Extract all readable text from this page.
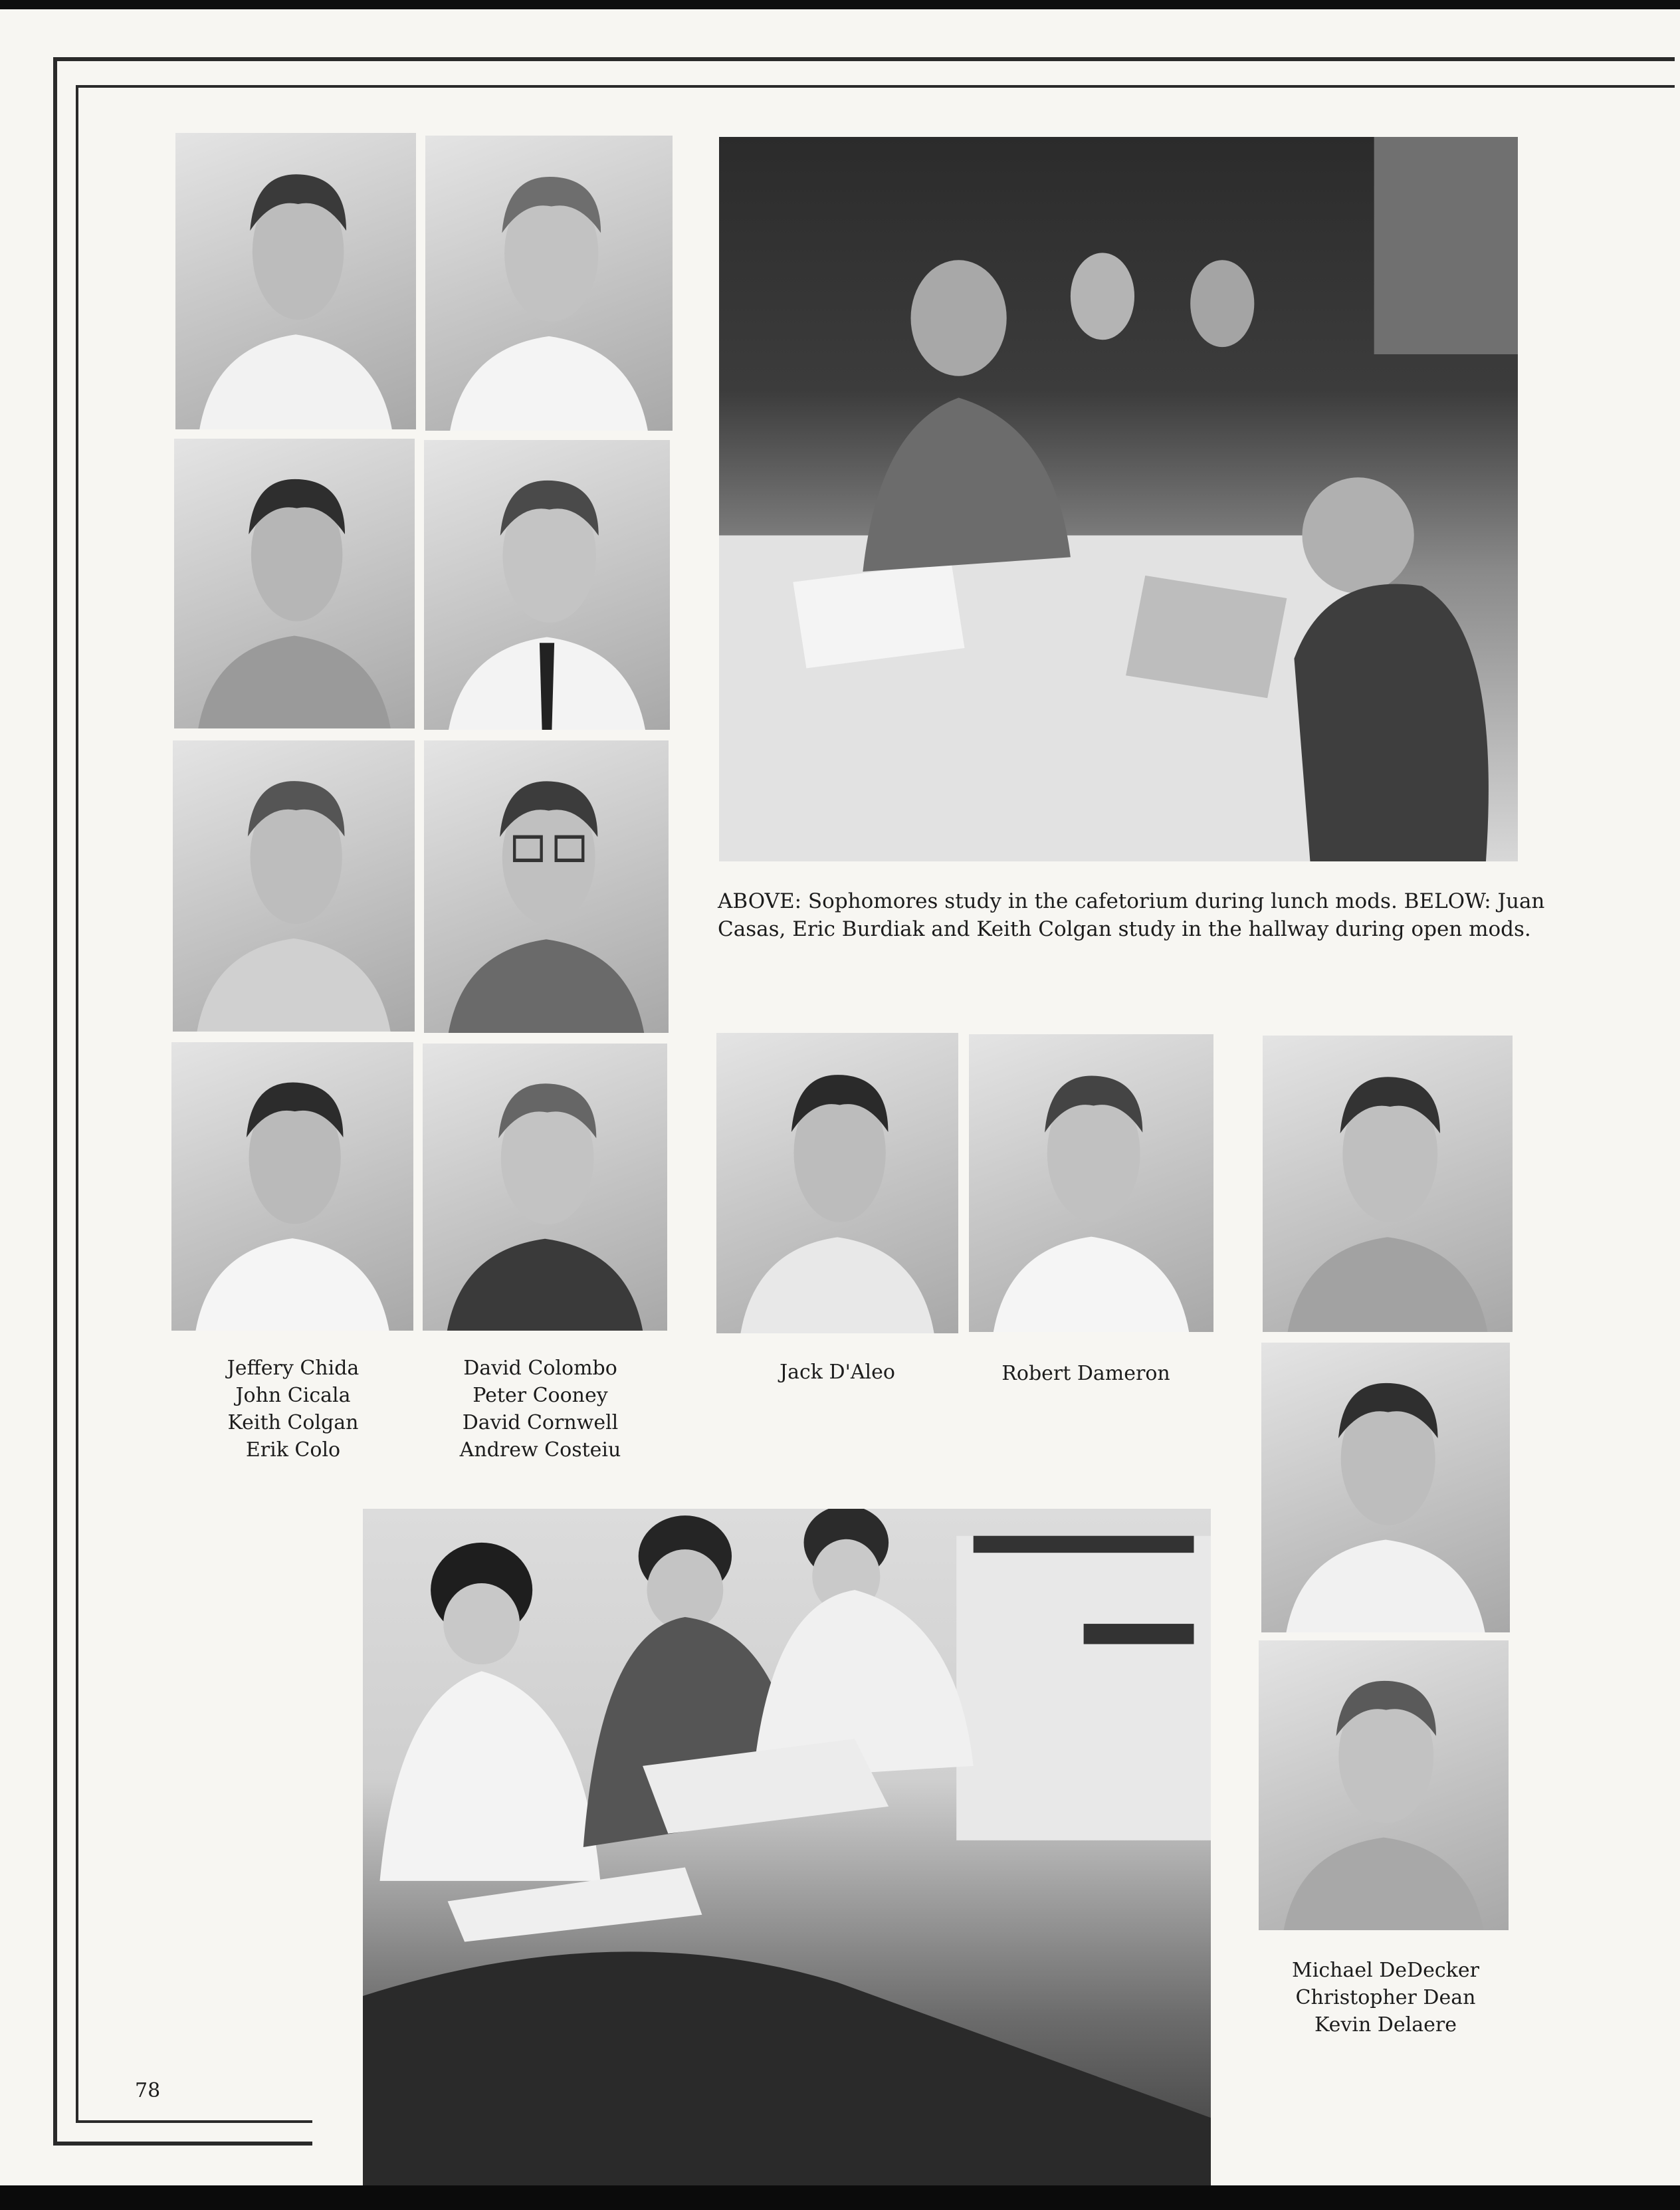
ABOVE: Sophomores study in the cafetorium during lunch mods. BELOW: Juan
Casas, Eric Burdiak and Keith Colgan study in the hallway during open mods.
Jeffery Chida
John Cicala
Keith Colgan
Erik Colo
David Colombo
Peter Cooney
David Cornwell
Andrew Costeiu
Jack D'Aleo	Robert Dameron
Michael DeDecker
Christopher Dean
Kevin Delaere
78
